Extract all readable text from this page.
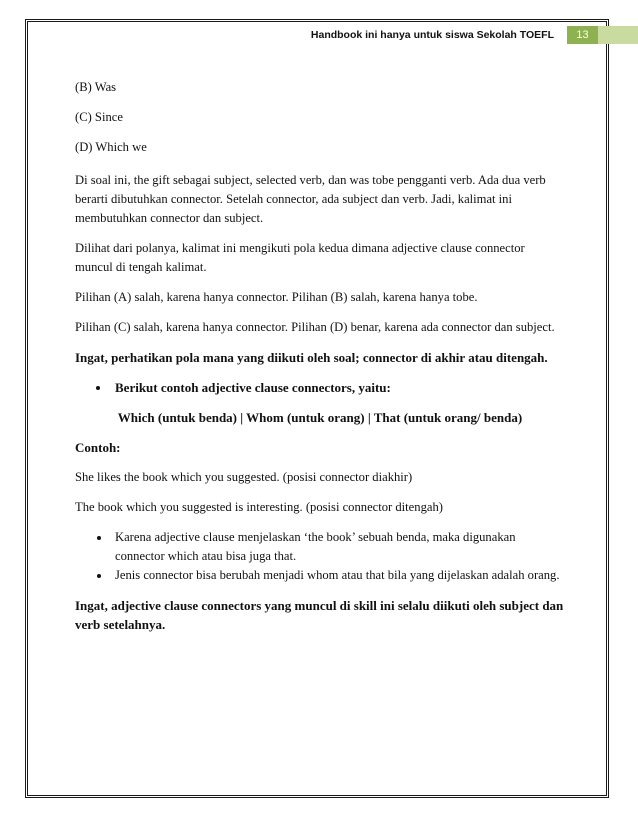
Handbook ini hanya untuk siswa Sekolah TOEFL	13

(B) Was

(C) Since

(D) Which we

Di soal ini, the gift sebagai subject, selected verb, dan was tobe pengganti verb. Ada dua verb berarti dibutuhkan connector. Setelah connector, ada subject dan verb. Jadi, kalimat ini membutuhkan connector dan subject.

Dilihat dari polanya, kalimat ini mengikuti pola kedua dimana adjective clause connector muncul di tengah kalimat.

Pilihan (A) salah, karena hanya connector. Pilihan (B) salah, karena hanya tobe.

Pilihan (C) salah, karena hanya connector. Pilihan (D) benar, karena ada connector dan subject.

Ingat, perhatikan pola mana yang diikuti oleh soal; connector di akhir atau ditengah.

• Berikut contoh adjective clause connectors, yaitu:

Which (untuk benda) | Whom (untuk orang) | That (untuk orang/ benda)

Contoh:

She likes the book which you suggested. (posisi connector diakhir)

The book which you suggested is interesting. (posisi connector ditengah)

• Karena adjective clause menjelaskan ‘the book’ sebuah benda, maka digunakan connector which atau bisa juga that.
• Jenis connector bisa berubah menjadi whom atau that bila yang dijelaskan adalah orang.

Ingat, adjective clause connectors yang muncul di skill ini selalu diikuti oleh subject dan verb setelahnya.
